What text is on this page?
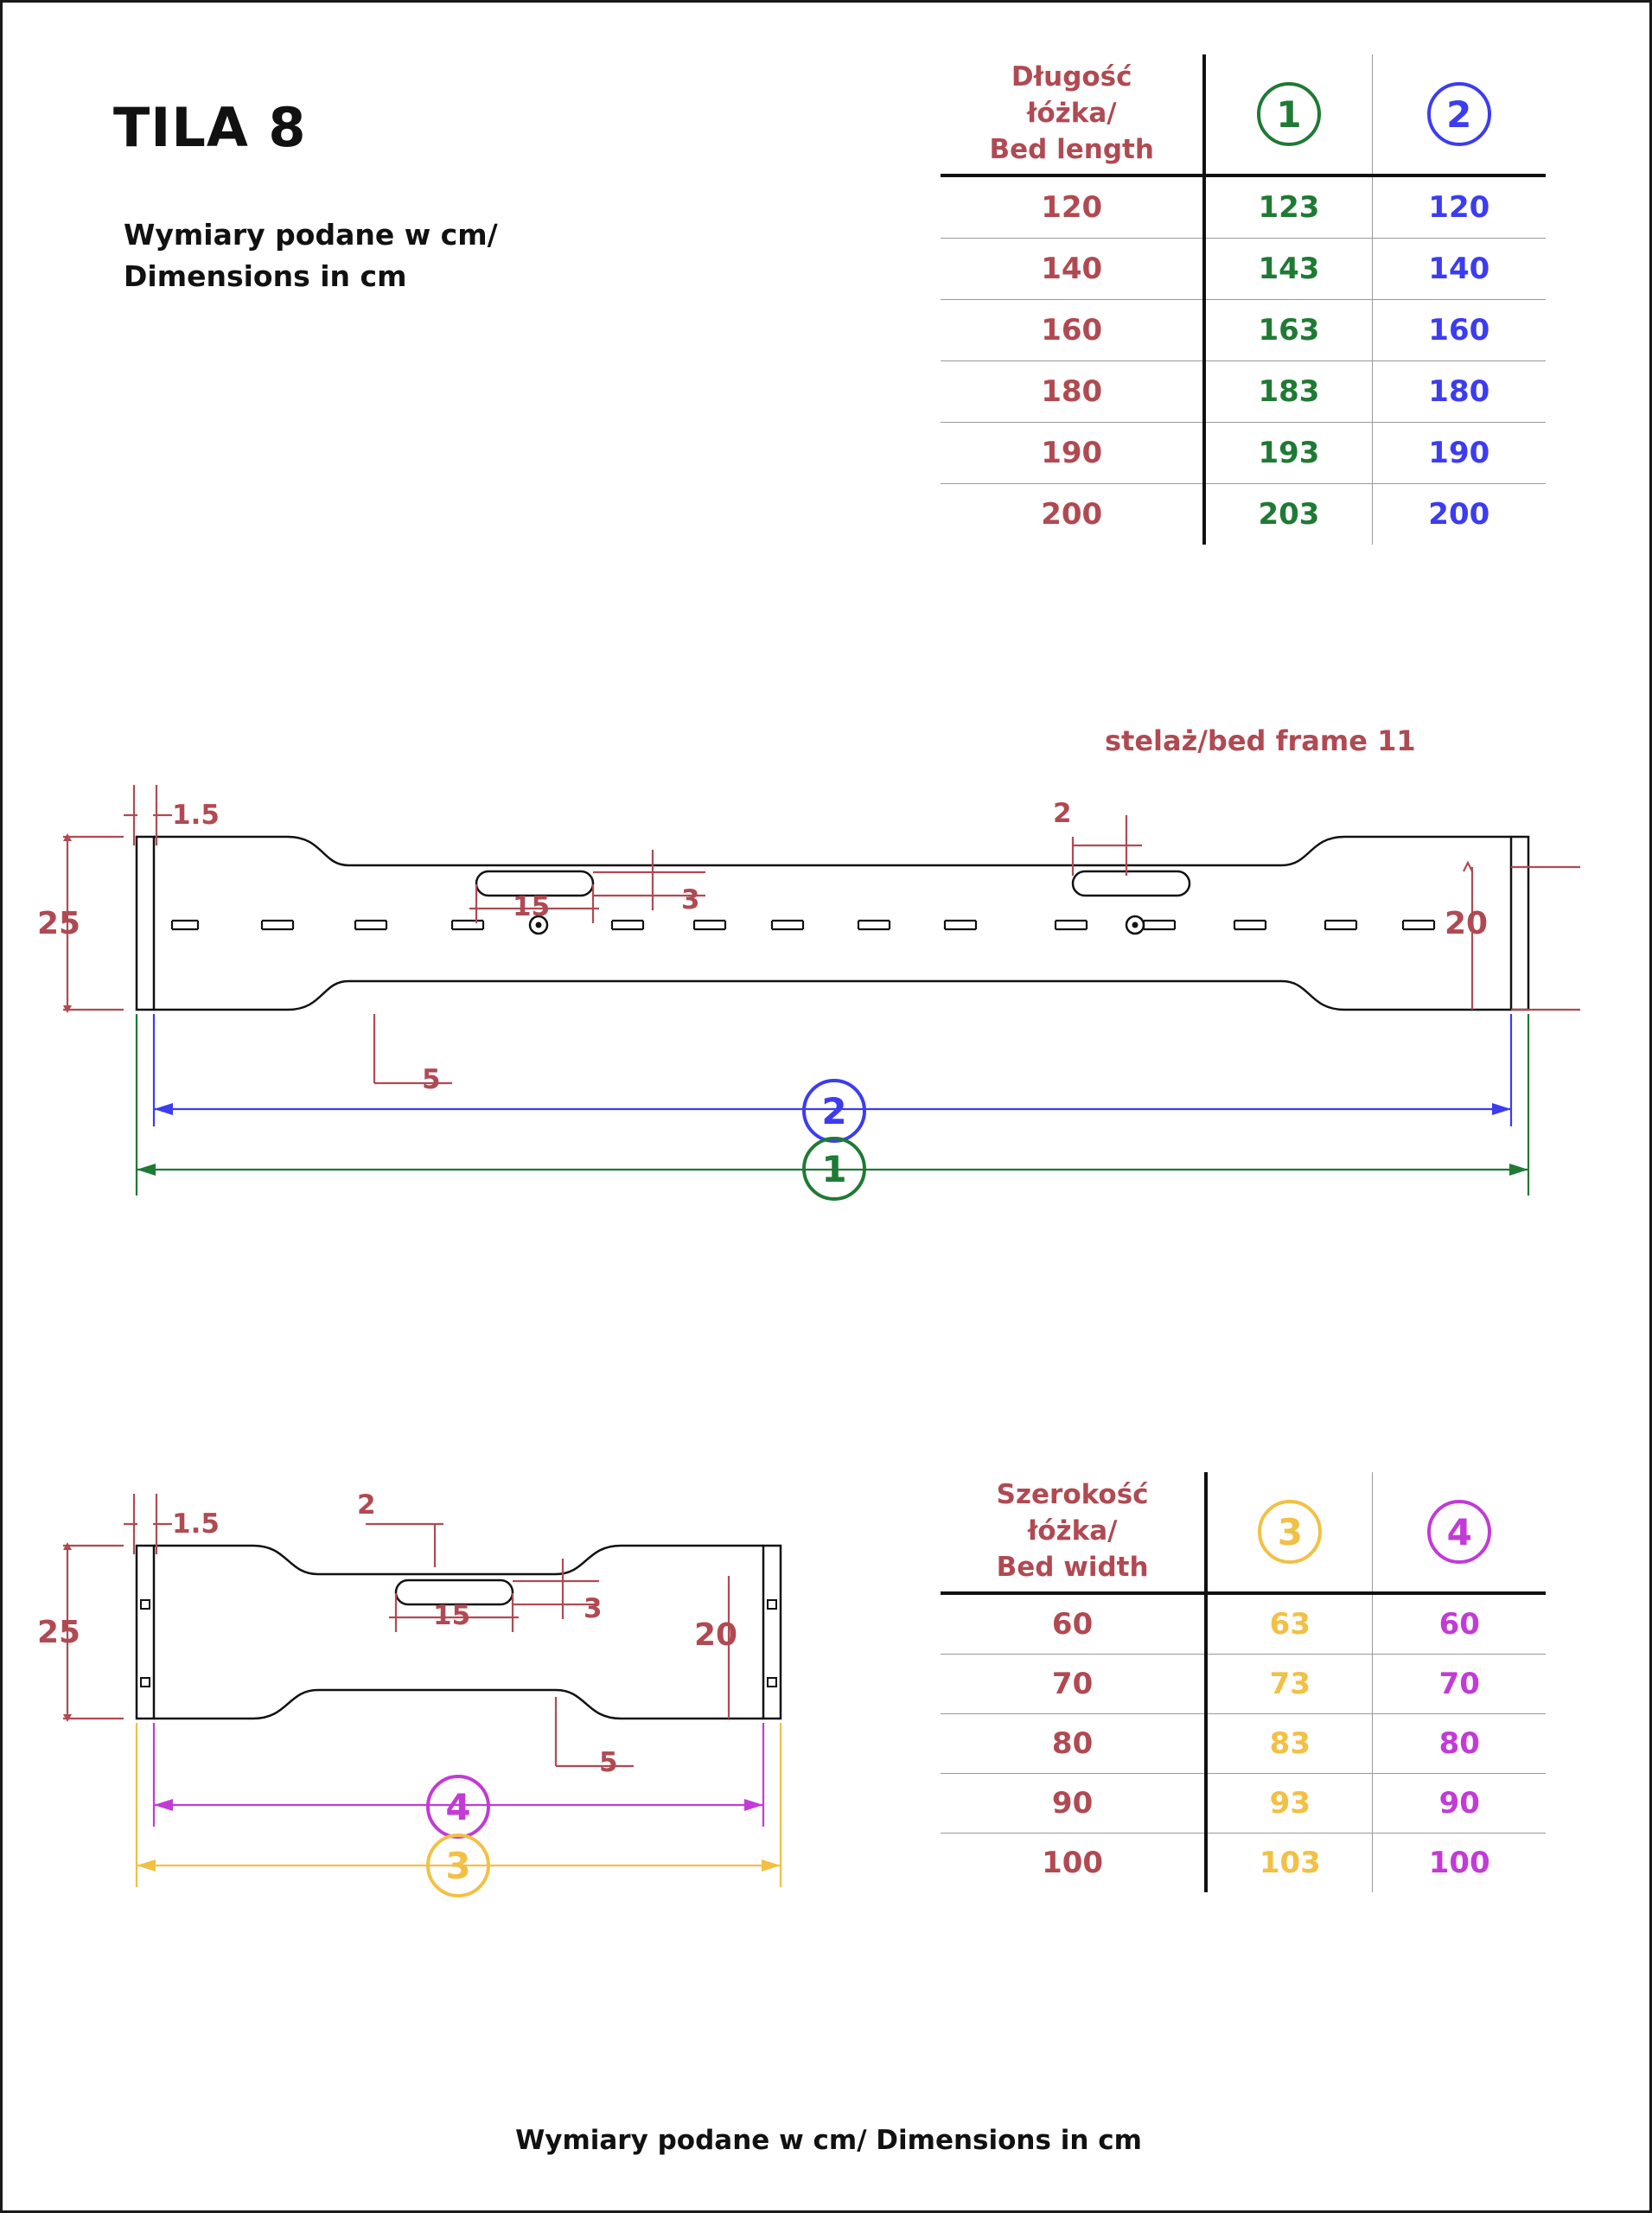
TILA 8
Wymiary podane w cm/
Dimensions in cm
Wymiary podane w cm/ Dimensions in cm
Długość
łóżka/
Bed length	1	2
120	123	120
140	143	140
160	163	160
180	183	180
190	193	190
200	203	200
Szerokość
łóżka/
Bed width	3	4
60	63	60
70	73	70
80	83	80
90	93	90
100	103	100
stelaż/bed frame 11
1.5
25	15	3
2
5
20
2
1
1.5
25	15	3
2
5
20
4
3
